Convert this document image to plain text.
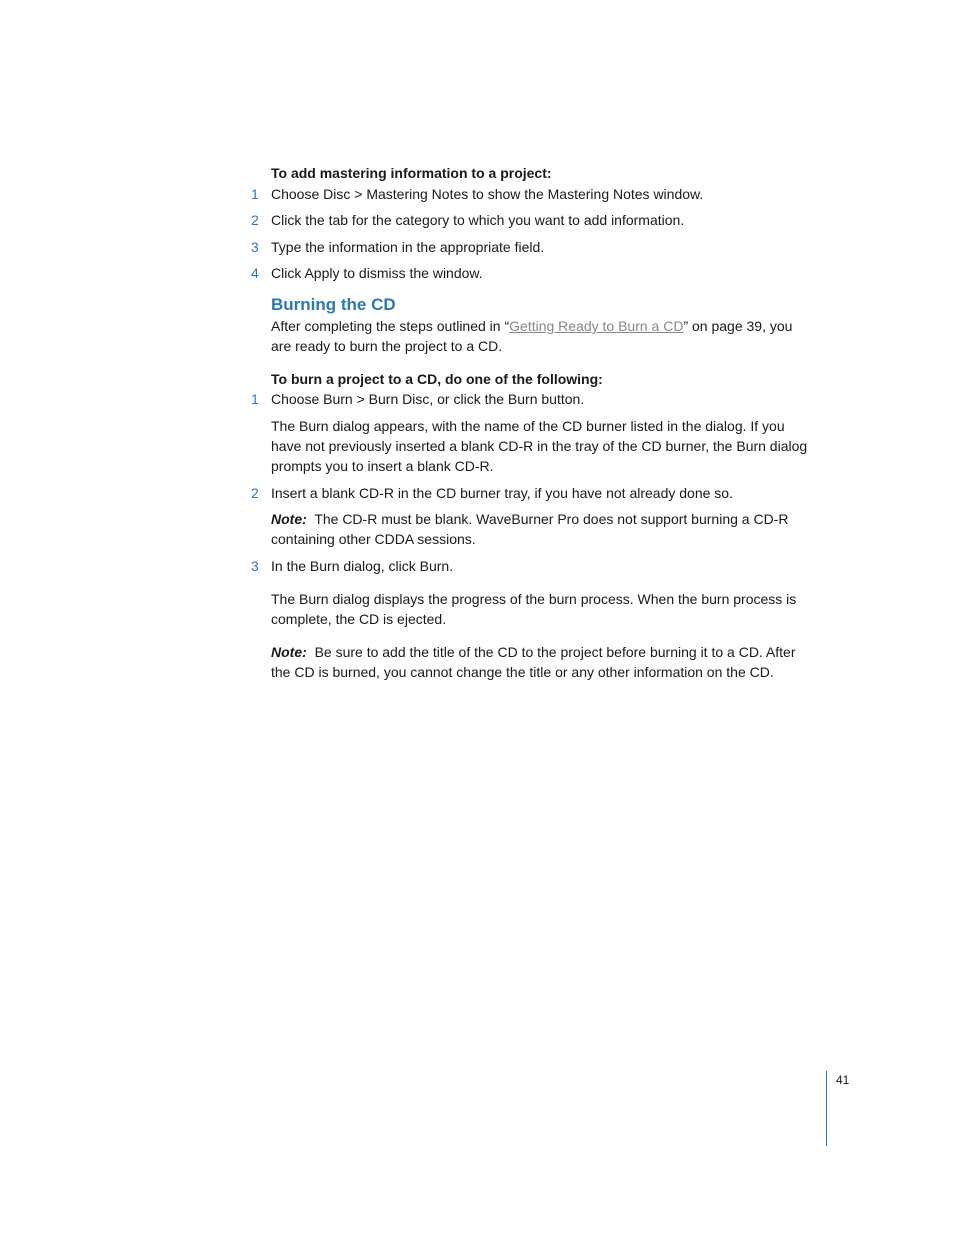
To add mastering information to a project:
1 Choose Disc > Mastering Notes to show the Mastering Notes window.
2 Click the tab for the category to which you want to add information.
3 Type the information in the appropriate field.
4 Click Apply to dismiss the window.
Burning the CD
After completing the steps outlined in “Getting Ready to Burn a CD” on page 39, you
are ready to burn the project to a CD.
To burn a project to a CD, do one of the following:
1 Choose Burn > Burn Disc, or click the Burn button.
The Burn dialog appears, with the name of the CD burner listed in the dialog. If you
have not previously inserted a blank CD-R in the tray of the CD burner, the Burn dialog
prompts you to insert a blank CD-R.
2 Insert a blank CD-R in the CD burner tray, if you have not already done so.
Note: The CD-R must be blank. WaveBurner Pro does not support burning a CD-R
containing other CDDA sessions.
3 In the Burn dialog, click Burn.
The Burn dialog displays the progress of the burn process. When the burn process is
complete, the CD is ejected.
Note: Be sure to add the title of the CD to the project before burning it to a CD. After
the CD is burned, you cannot change the title or any other information on the CD.
41
